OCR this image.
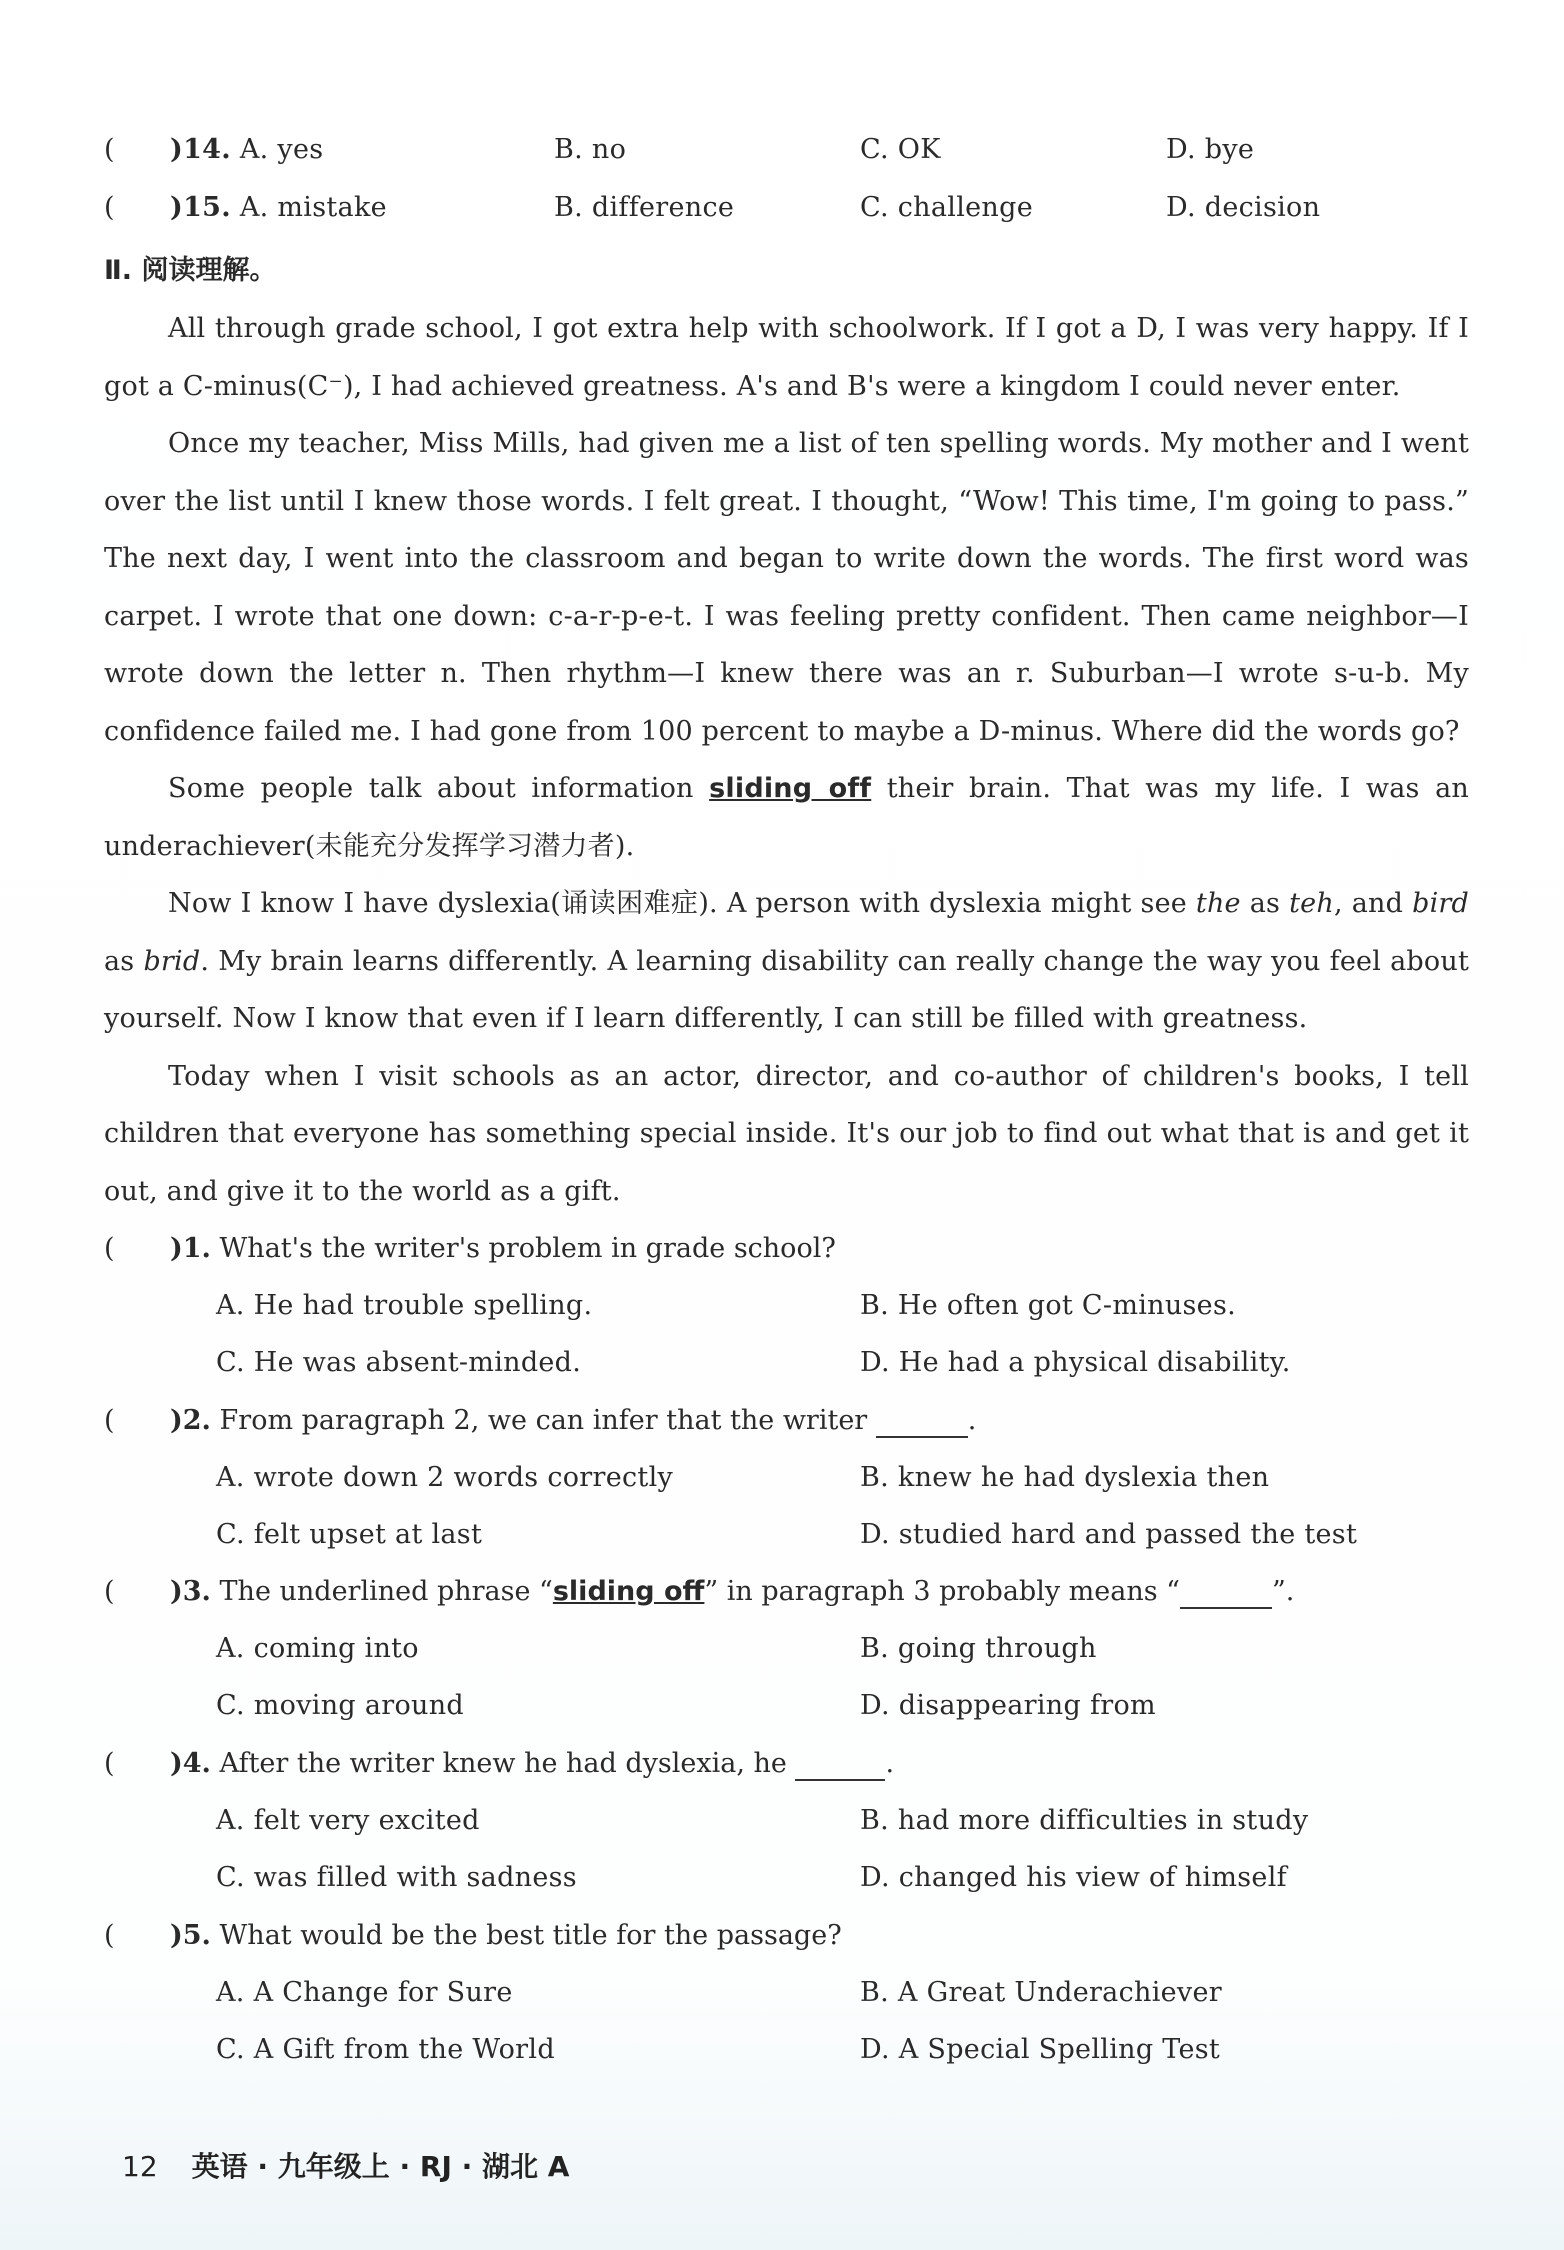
( )14. A. yes	B. no	C. OK	D. bye
( )15. A. mistake	B. difference	C. challenge	D. decision
Ⅱ. 阅读理解。

All through grade school, I got extra help with schoolwork. If I got a D, I was very happy. If I got a C-minus(C⁻), I had achieved greatness. A's and B's were a kingdom I could never enter.

Once my teacher, Miss Mills, had given me a list of ten spelling words. My mother and I went over the list until I knew those words. I felt great. I thought, “Wow! This time, I'm going to pass.” The next day, I went into the classroom and began to write down the words. The first word was carpet. I wrote that one down: c-a-r-p-e-t. I was feeling pretty confident. Then came neighbor—I wrote down the letter n. Then rhythm—I knew there was an r. Suburban—I wrote s-u-b. My confidence failed me. I had gone from 100 percent to maybe a D-minus. Where did the words go?

Some people talk about information sliding off their brain. That was my life. I was an underachiever(未能充分发挥学习潜力者).

Now I know I have dyslexia(诵读困难症). A person with dyslexia might see the as teh, and bird as brid. My brain learns differently. A learning disability can really change the way you feel about yourself. Now I know that even if I learn differently, I can still be filled with greatness.

Today when I visit schools as an actor, director, and co-author of children's books, I tell children that everyone has something special inside. It's our job to find out what that is and get it out, and give it to the world as a gift.

( )1. What's the writer's problem in grade school?
A. He had trouble spelling.	B. He often got C-minuses.
C. He was absent-minded.	D. He had a physical disability.
( )2. From paragraph 2, we can infer that the writer	.
A. wrote down 2 words correctly	B. knew he had dyslexia then
C. felt upset at last	D. studied hard and passed the test
( )3. The underlined phrase “sliding off” in paragraph 3 probably means “	”.
A. coming into	B. going through
C. moving around	D. disappearing from
( )4. After the writer knew he had dyslexia, he	.
A. felt very excited	B. had more difficulties in study
C. was filled with sadness	D. changed his view of himself
( )5. What would be the best title for the passage?
A. A Change for Sure	B. A Great Underachiever
C. A Gift from the World	D. A Special Spelling Test
12 英语 · 九年级上 · RJ · 湖北 A
